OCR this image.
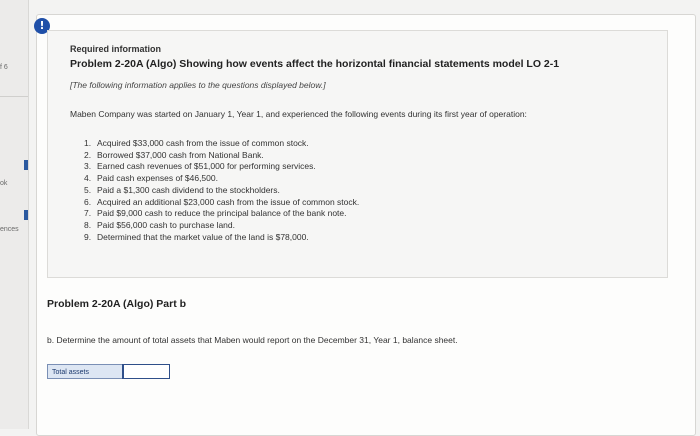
f 6
ok
ences
!
Required information
Problem 2-20A (Algo) Showing how events affect the horizontal financial statements model LO 2-1
[The following information applies to the questions displayed below.]
Maben Company was started on January 1, Year 1, and experienced the following events during its first year of operation:
1. Acquired $33,000 cash from the issue of common stock.
2. Borrowed $37,000 cash from National Bank.
3. Earned cash revenues of $51,000 for performing services.
4. Paid cash expenses of $46,500.
5. Paid a $1,300 cash dividend to the stockholders.
6. Acquired an additional $23,000 cash from the issue of common stock.
7. Paid $9,000 cash to reduce the principal balance of the bank note.
8. Paid $56,000 cash to purchase land.
9. Determined that the market value of the land is $78,000.
Problem 2-20A (Algo) Part b
b. Determine the amount of total assets that Maben would report on the December 31, Year 1, balance sheet.
Total assets
